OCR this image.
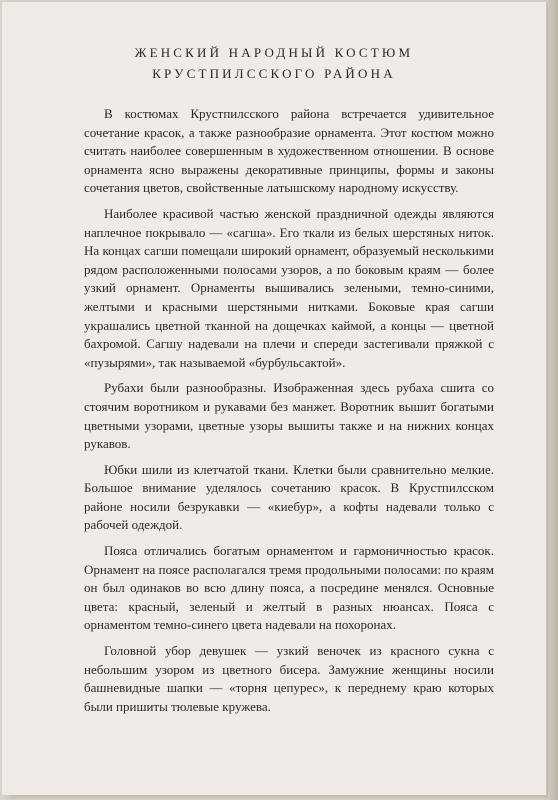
ЖЕНСКИЙ НАРОДНЫЙ КОСТЮМ
КРУСТПИЛССКОГО РАЙОНА

В костюмах Крустпилсского района встречается удивительное сочетание красок, а также разнообразие орнамента. Этот костюм можно считать наиболее совершенным в художественном отношении. В основе орнамента ясно выражены декоративные принципы, формы и законы сочетания цветов, свойственные латышскому народному искусству.

Наиболее красивой частью женской праздничной одежды являются наплечное покрывало — «сагша». Его ткали из белых шерстяных ниток. На концах сагши помещали широкий орнамент, образуемый несколькими рядом расположенными полосами узоров, а по боковым краям — более узкий орнамент. Орнаменты вышивались зелеными, темно-синими, желтыми и красными шерстяными нитками. Боковые края сагши украшались цветной тканной на дощечках каймой, а концы — цветной бахромой. Сагшу надевали на плечи и спереди застегивали пряжкой с «пузырями», так называемой «бурбульсактой».

Рубахи были разнообразны. Изображенная здесь рубаха сшита со стоячим воротником и рукавами без манжет. Воротник вышит богатыми цветными узорами, цветные узоры вышиты также и на нижних концах рукавов.

Юбки шили из клетчатой ткани. Клетки были сравнительно мелкие. Большое внимание уделялось сочетанию красок. В Крустпилсском районе носили безрукавки — «киебур», а кофты надевали только с рабочей одеждой.

Пояса отличались богатым орнаментом и гармоничностью красок. Орнамент на поясе располагался тремя продольными полосами: по краям он был одинаков во всю длину пояса, а посредине менялся. Основные цвета: красный, зеленый и желтый в разных нюансах. Пояса с орнаментом темно-синего цвета надевали на похоронах.

Головной убор девушек — узкий веночек из красного сукна с небольшим узором из цветного бисера. Замужние женщины носили башневидные шапки — «торня цепурес», к переднему краю которых были пришиты тюлевые кружева.
